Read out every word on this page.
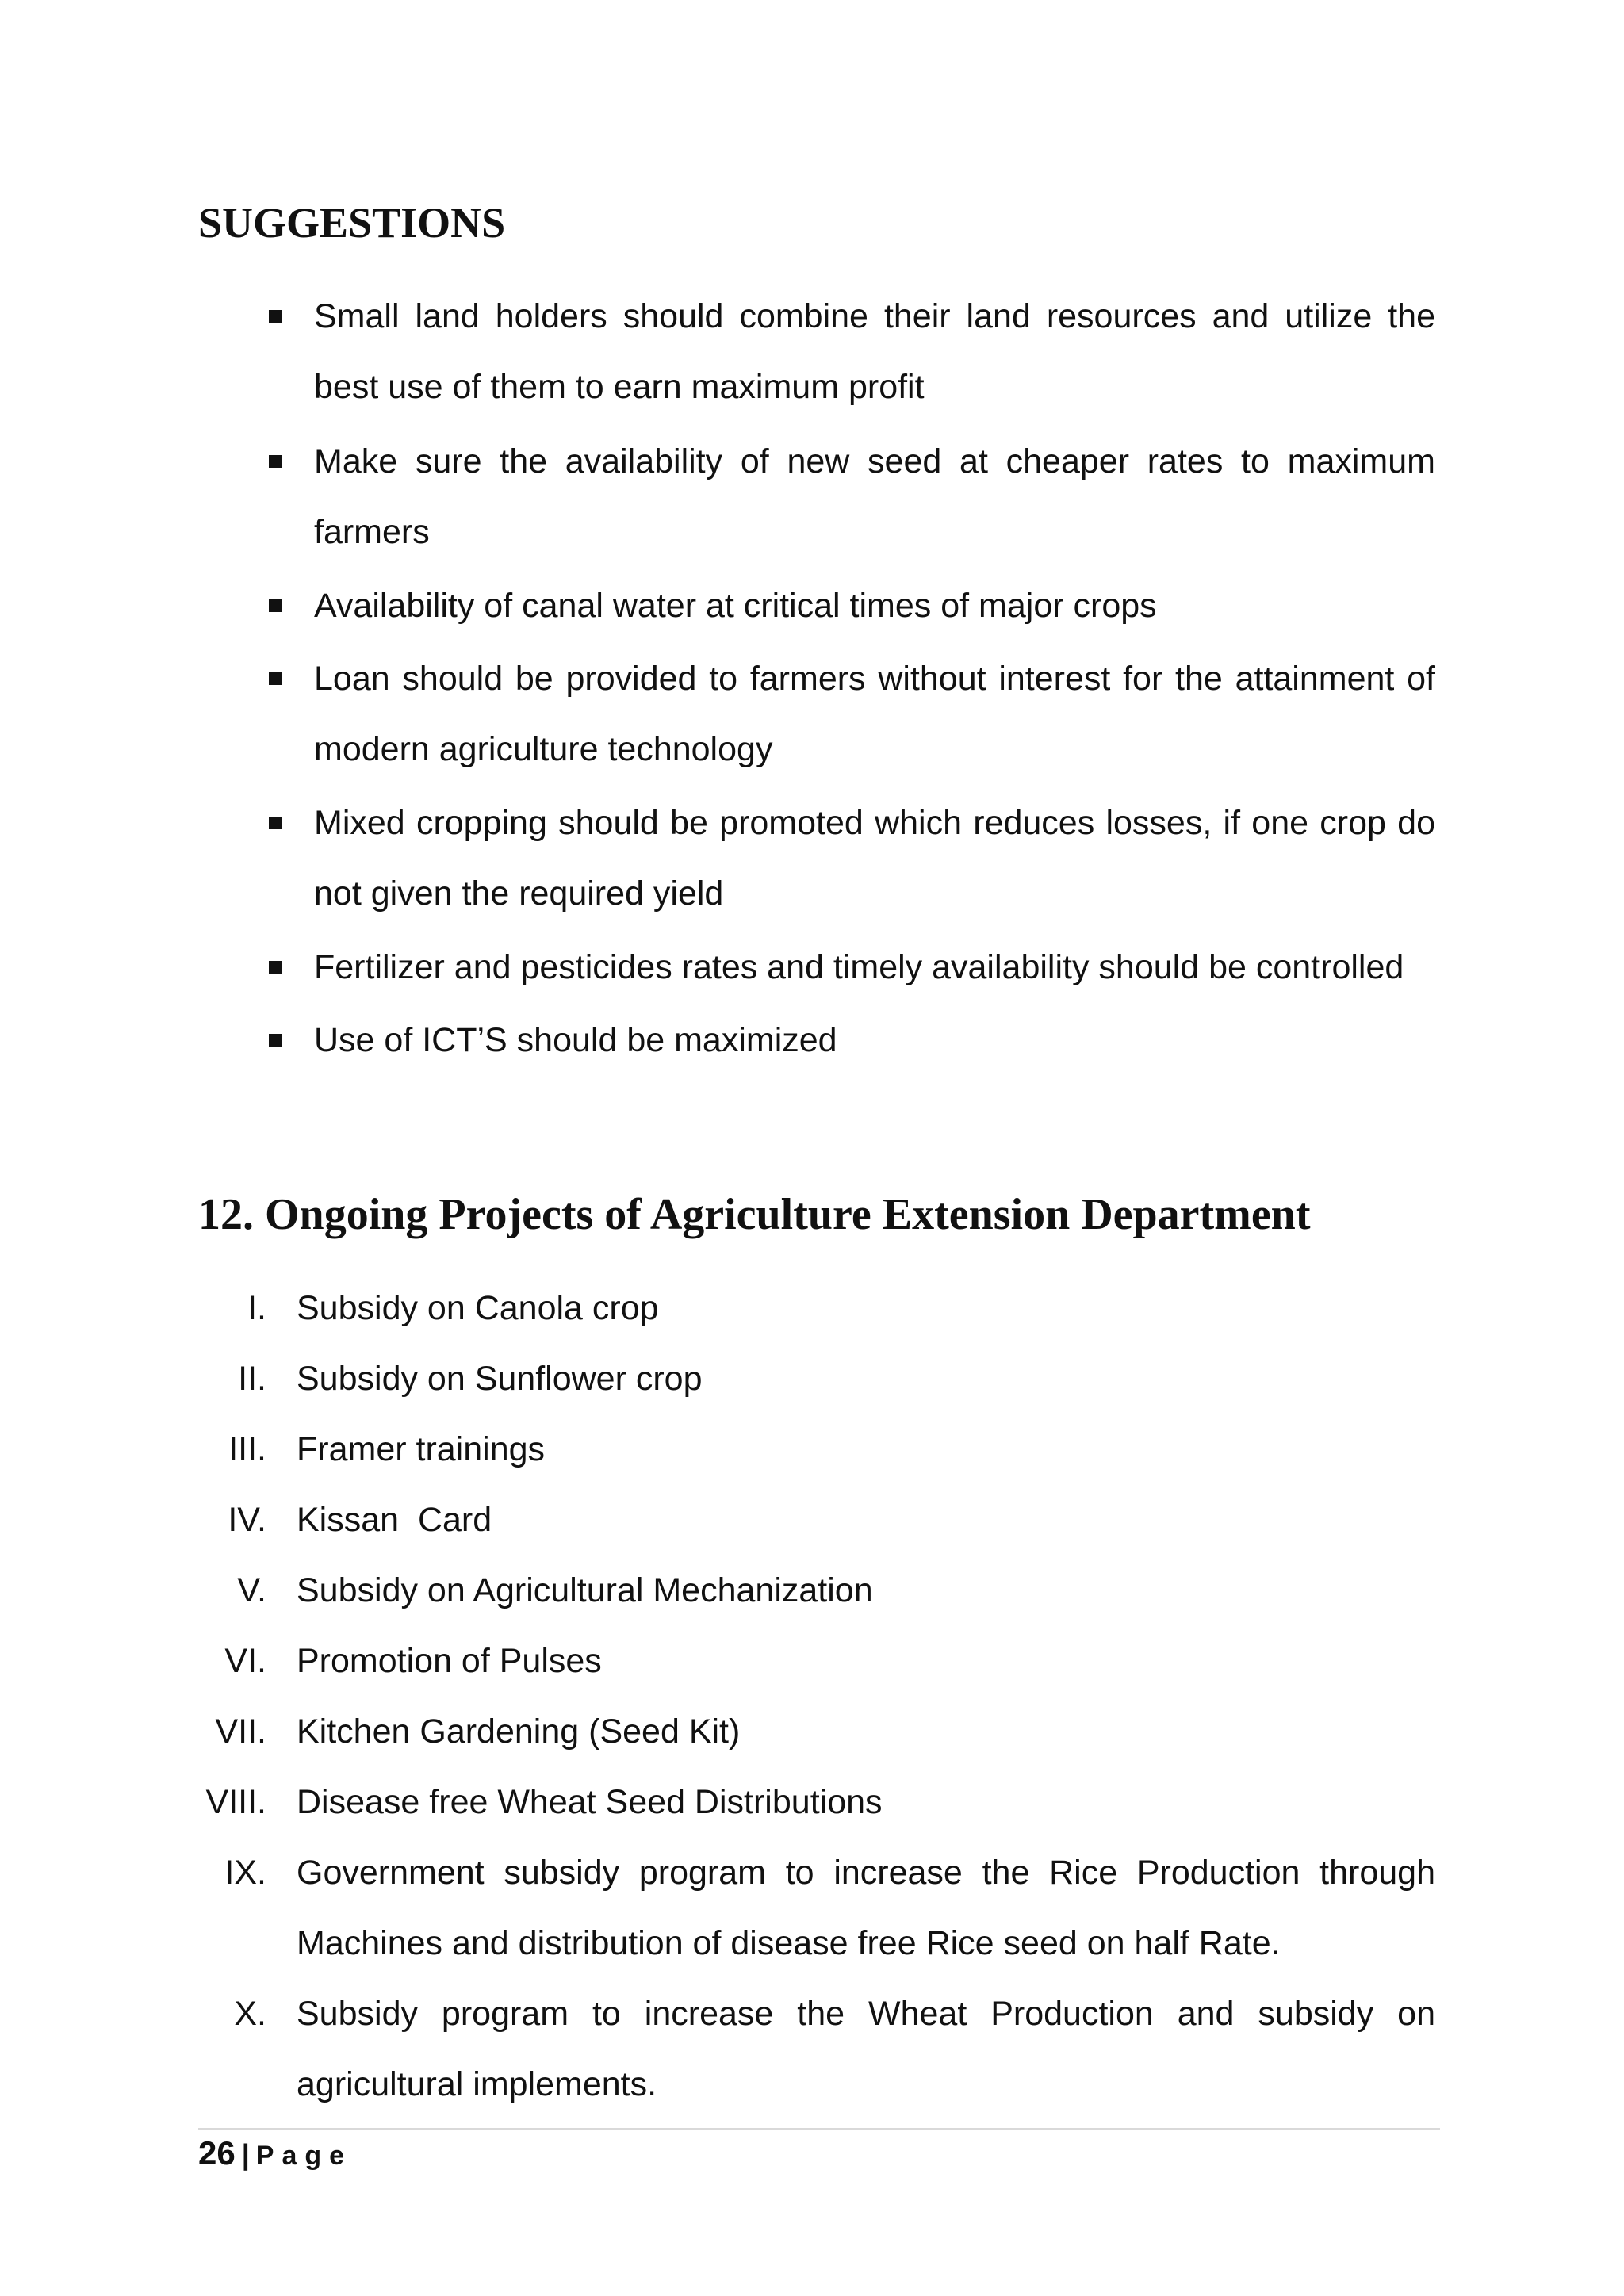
SUGGESTIONS
Small land holders should combine their land resources and utilize the best use of them to earn maximum profit
Make sure the availability of new seed at cheaper rates to maximum farmers
Availability of canal water at critical times of major crops
Loan should be provided to farmers without interest for the attainment of modern agriculture technology
Mixed cropping should be promoted which reduces losses, if one crop do not given the required yield
Fertilizer and pesticides rates and timely availability should be controlled
Use of ICT’S should be maximized
12. Ongoing Projects of Agriculture Extension Department
I. Subsidy on Canola crop
II. Subsidy on Sunflower crop
III. Framer trainings
IV. Kissan  Card
V. Subsidy on Agricultural Mechanization
VI. Promotion of Pulses
VII. Kitchen Gardening (Seed Kit)
VIII. Disease free Wheat Seed Distributions
IX. Government subsidy program to increase the Rice Production through Machines and distribution of disease free Rice seed on half Rate.
X. Subsidy program to increase the Wheat Production and subsidy on agricultural implements.
26 | Page
